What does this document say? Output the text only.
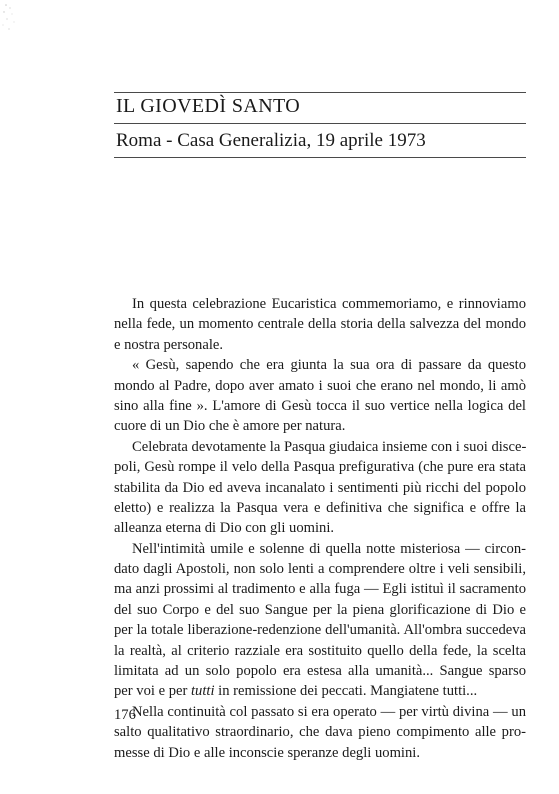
IL GIOVEDÌ SANTO
Roma - Casa Generalizia, 19 aprile 1973
In questa celebrazione Eucaristica commemoriamo, e rinnoviamo
nella fede, un momento centrale della storia della salvezza del mondo
e nostra personale.
« Gesù, sapendo che era giunta la sua ora di passare da questo
mondo al Padre, dopo aver amato i suoi che erano nel mondo, li amò
sino alla fine ». L'amore di Gesù tocca il suo vertice nella logica del
cuore di un Dio che è amore per natura.
Celebrata devotamente la Pasqua giudaica insieme con i suoi disce-
poli, Gesù rompe il velo della Pasqua prefigurativa (che pure era stata
stabilita da Dio ed aveva incanalato i sentimenti più ricchi del popolo
eletto) e realizza la Pasqua vera e definitiva che significa e offre la
alleanza eterna di Dio con gli uomini.
Nell'intimità umile e solenne di quella notte misteriosa — circon-
dato dagli Apostoli, non solo lenti a comprendere oltre i veli sensibili,
ma anzi prossimi al tradimento e alla fuga — Egli istituì il sacramento
del suo Corpo e del suo Sangue per la piena glorificazione di Dio e
per la totale liberazione-redenzione dell'umanità. All'ombra succedeva
la realtà, al criterio razziale era sostituito quello della fede, la scelta
limitata ad un solo popolo era estesa alla umanità... Sangue sparso
per voi e per tutti in remissione dei peccati. Mangiatene tutti...
Nella continuità col passato si era operato — per virtù divina — un
salto qualitativo straordinario, che dava pieno compimento alle pro-
messe di Dio e alle inconscie speranze degli uomini.
176
